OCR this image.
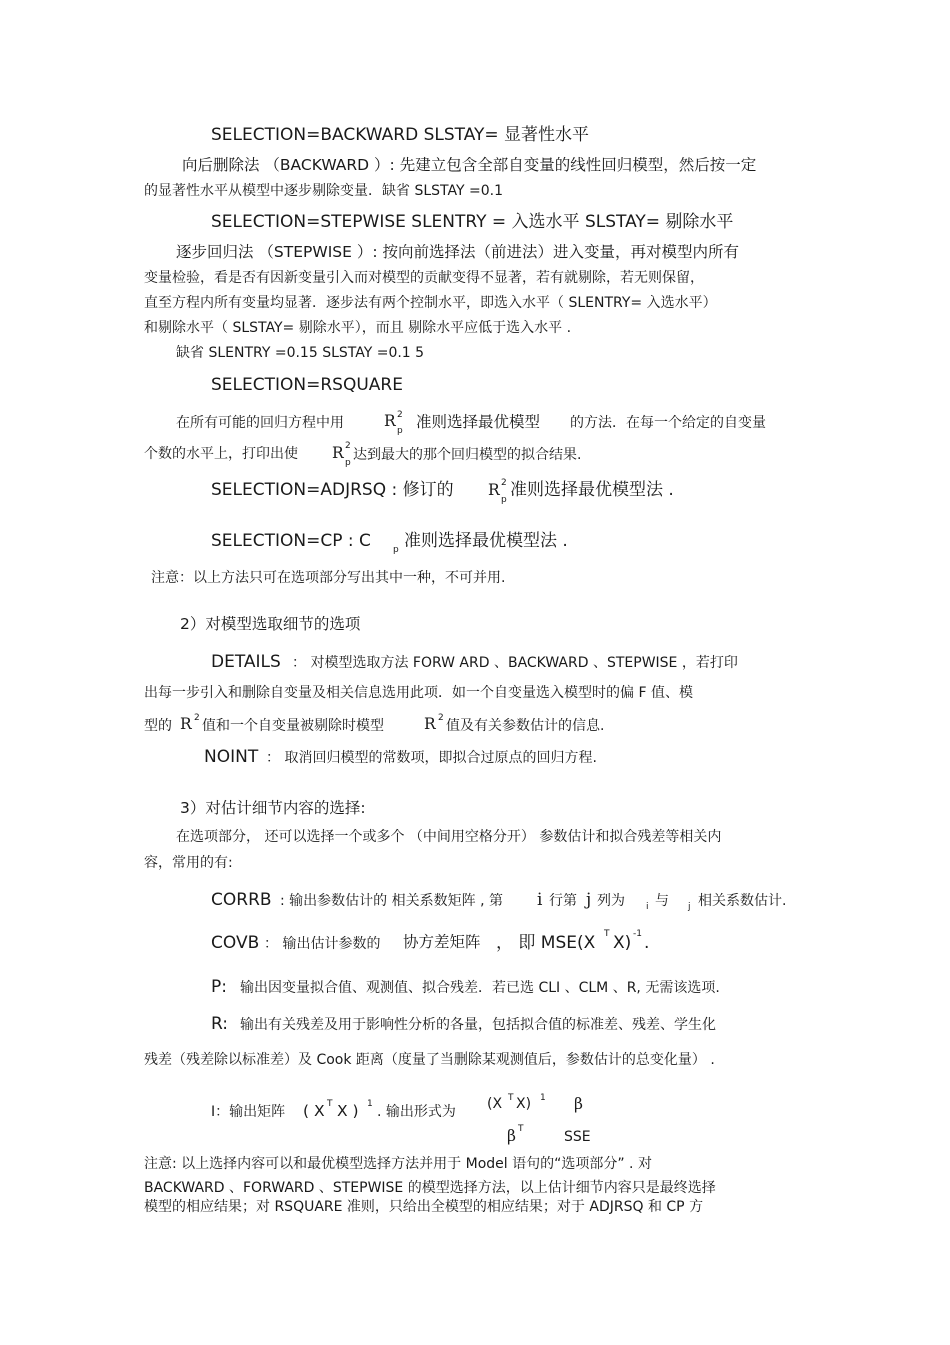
SELECTION=BACKWARD SLSTAY= 显著性水平
向后删除法 （BACKWARD ）: 先建立包含全部自变量的线性回归模型，然后按一定
的显著性水平从模型中逐步剔除变量．缺省 SLSTAY =0.1
SELECTION=STEPWISE SLENTRY = 入选水平 SLSTAY= 剔除水平
逐步回归法 （STEPWISE ）: 按向前选择法（前进法）进入变量，再对模型内所有
变量检验，看是否有因新变量引入而对模型的贡献变得不显著，若有就剔除，若无则保留，
直至方程内所有变量均显著．逐步法有两个控制水平，即选入水平（ SLENTRY= 入选水平）
和剔除水平（ SLSTAY= 剔除水平），而且 剔除水平应低于选入水平 .
缺省 SLENTRY =0.15 SLSTAY =0.1 5
SELECTION=RSQUARE
在所有可能的回归方程中用	R 2
p 准则选择最优模型 的方法．在每一个给定的自变量
个数的水平上，打印出使 R 2
p 达到最大的那个回归模型的拟合结果.
SELECTION=ADJRSQ : 修订的 R 2
p 准则选择最优模型法 .
SELECTION=CP : C p 准则选择最优模型法 .
注意：以上方法只可在选项部分写出其中一种，不可并用.
2）对模型选取细节的选项
DETAILS ： 对模型选取方法 FORW ARD 、BACKWARD 、STEPWISE ，若打印
出每一步引入和删除自变量及相关信息选用此项．如一个自变量选入模型时的偏 F 值、模
型的 R 2 值和一个自变量被剔除时模型	R 2 值及有关参数估计的信息.
NOINT ： 取消回归模型的常数项，即拟合过原点的回归方程.
3）对估计细节内容的选择:
在选项部分， 还可以选择一个或多个 （中间用空格分开） 参数估计和拟合残差等相关内
容，常用的有:
CORRB : 输出参数估计的 相关系数矩阵 , 第 i 行第 j 列为 i 与 j 相关系数估计.
COVB ： 输出估计参数的 协方差矩阵 ， 即 MSE(X T X) -1 .
P: 输出因变量拟合值、观测值、拟合残差．若已选 CLI 、CLM 、R, 无需该选项.
R: 输出有关残差及用于影响性分析的各量，包括拟合值的标准差、残差、学生化
残差（残差除以标准差）及 Cook 距离（度量了当删除某观测值后，参数估计的总变化量） .
I：输出矩阵 ( X T X ) 1 . 输出形式为 (X T X) 1 β
β T	SSE
注意: 以上选择内容可以和最优模型选择方法并用于 Model 语句的“选项部分” . 对
BACKWARD 、FORWARD 、STEPWISE 的模型选择方法，以上估计细节内容只是最终选择
模型的相应结果；对 RSQUARE 准则，只给出全模型的相应结果；对于 ADJRSQ 和 CP 方
